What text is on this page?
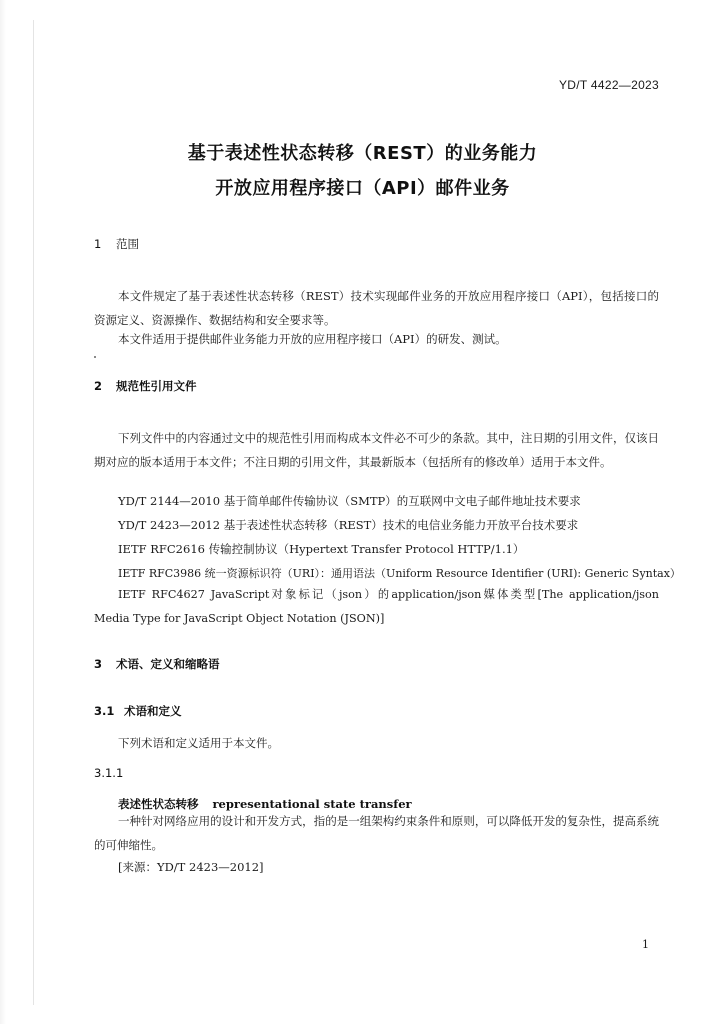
YD/T 4422—2023
基于表述性状态转移（REST）的业务能力
开放应用程序接口（API）邮件业务
1 范围
本文件规定了基于表述性状态转移（REST）技术实现邮件业务的开放应用程序接口（API），包括接口的资源定义、资源操作、数据结构和安全要求等。
本文件适用于提供邮件业务能力开放的应用程序接口（API）的研发、测试。
2 规范性引用文件
下列文件中的内容通过文中的规范性引用而构成本文件必不可少的条款。其中，注日期的引用文件，仅该日期对应的版本适用于本文件；不注日期的引用文件，其最新版本（包括所有的修改单）适用于本文件。
YD/T 2144—2010 基于简单邮件传输协议（SMTP）的互联网中文电子邮件地址技术要求
YD/T 2423—2012 基于表述性状态转移（REST）技术的电信业务能力开放平台技术要求
IETF RFC2616 传输控制协议（Hypertext Transfer Protocol HTTP/1.1）
IETF RFC3986 统一资源标识符（URI）：通用语法（Uniform Resource Identifier (URI): Generic Syntax）
IETF RFC4627 JavaScript对象标记（json）的application/json媒体类型[The application/json Media Type for JavaScript Object Notation (JSON)]
3 术语、定义和缩略语
3.1 术语和定义
下列术语和定义适用于本文件。
3.1.1
表述性状态转移 representational state transfer
一种针对网络应用的设计和开发方式，指的是一组架构约束条件和原则，可以降低开发的复杂性，提高系统的可伸缩性。
[来源：YD/T 2423—2012]
1
